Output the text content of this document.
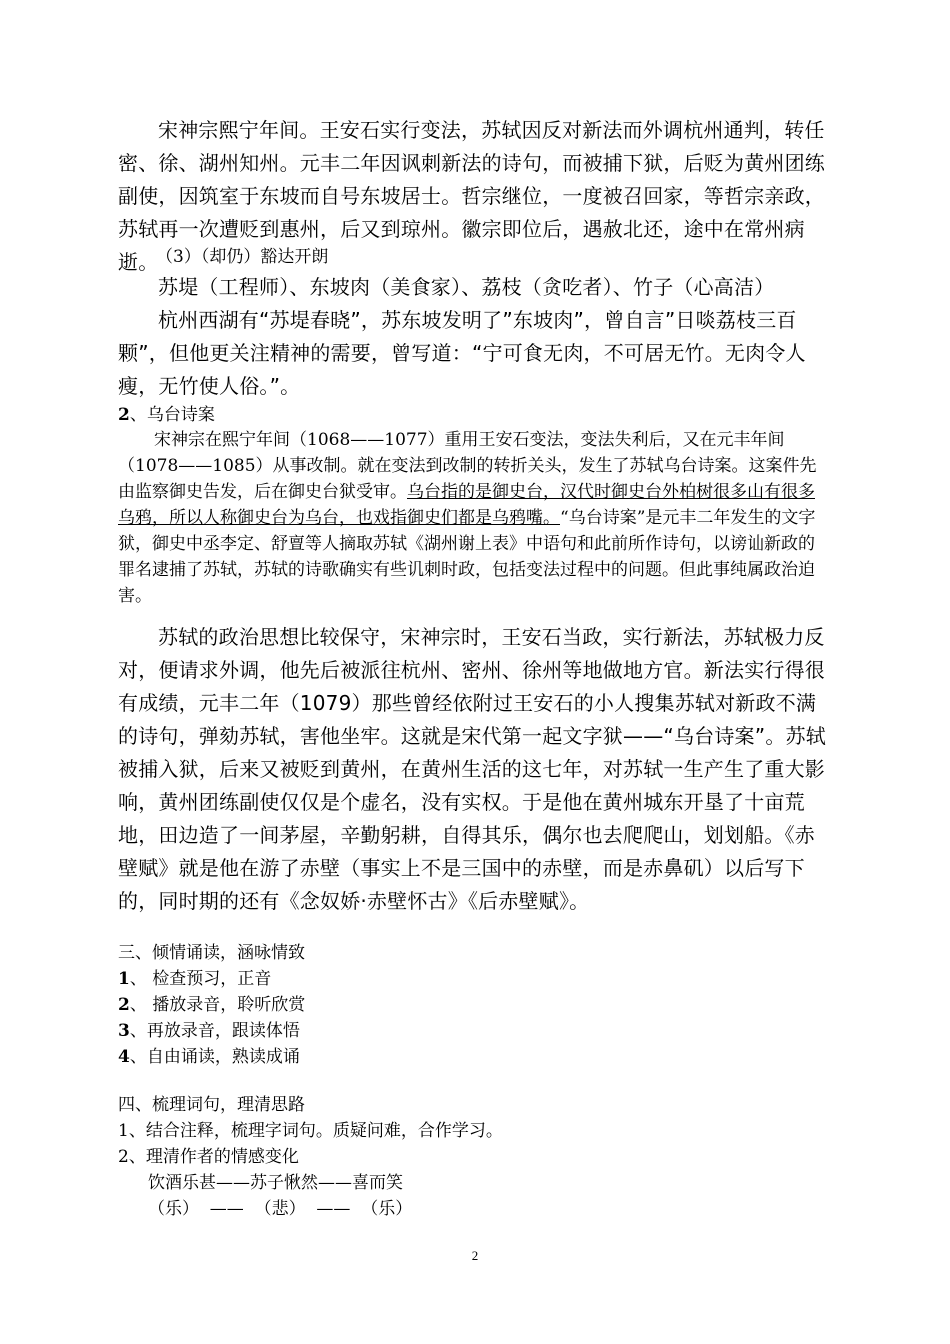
宋神宗熙宁年间。王安石实行变法，苏轼因反对新法而外调杭州通判，转任密、徐、湖州知州。元丰二年因讽刺新法的诗句，而被捕下狱，后贬为黄州团练副使，因筑室于东坡而自号东坡居士。哲宗继位，一度被召回家，等哲宗亲政，苏轼再一次遭贬到惠州，后又到琼州。徽宗即位后，遇赦北还，途中在常州病逝。

（3）（却仍）豁达开朗

苏堤（工程师）、东坡肉（美食家）、荔枝（贪吃者）、竹子（心高洁）

杭州西湖有“苏堤春晓”，苏东坡发明了”东坡肉”，曾自言”日啖荔枝三百颗”，但他更关注精神的需要，曾写道：“宁可食无肉，不可居无竹。无肉令人瘦，无竹使人俗。”。

2、乌台诗案

宋神宗在熙宁年间（1068——1077）重用王安石变法，变法失利后，又在元丰年间（1078——1085）从事改制。就在变法到改制的转折关头，发生了苏轼乌台诗案。这案件先由监察御史告发，后在御史台狱受审。乌台指的是御史台，汉代时御史台外柏树很多山有很多乌鸦，所以人称御史台为乌台，也戏指御史们都是乌鸦嘴。“乌台诗案”是元丰二年发生的文字狱，御史中丞李定、舒亶等人摘取苏轼《湖州谢上表》中语句和此前所作诗句，以谤讪新政的罪名逮捕了苏轼，苏轼的诗歌确实有些讥刺时政，包括变法过程中的问题。但此事纯属政治迫害。

苏轼的政治思想比较保守，宋神宗时，王安石当政，实行新法，苏轼极力反对，便请求外调，他先后被派往杭州、密州、徐州等地做地方官。新法实行得很有成绩，元丰二年（1079）那些曾经依附过王安石的小人搜集苏轼对新政不满的诗句，弹劾苏轼，害他坐牢。这就是宋代第一起文字狱——“乌台诗案”。苏轼被捕入狱，后来又被贬到黄州，在黄州生活的这七年，对苏轼一生产生了重大影响，黄州团练副使仅仅是个虚名，没有实权。于是他在黄州城东开垦了十亩荒地，田边造了一间茅屋，辛勤躬耕，自得其乐，偶尔也去爬爬山，划划船。《赤壁赋》就是他在游了赤壁（事实上不是三国中的赤壁，而是赤鼻矶）以后写下的，同时期的还有《念奴娇·赤壁怀古》《后赤壁赋》。

三、倾情诵读，涵咏情致
1、 检查预习，正音
2、 播放录音，聆听欣赏
3、再放录音，跟读体悟
4、自由诵读，熟读成诵
四、梳理词句，理清思路
1、结合注释，梳理字词句。质疑问难，合作学习。
2、理清作者的情感变化
饮酒乐甚——苏子愀然——喜而笑
（乐）  ——  （悲）  ——  （乐）
2
